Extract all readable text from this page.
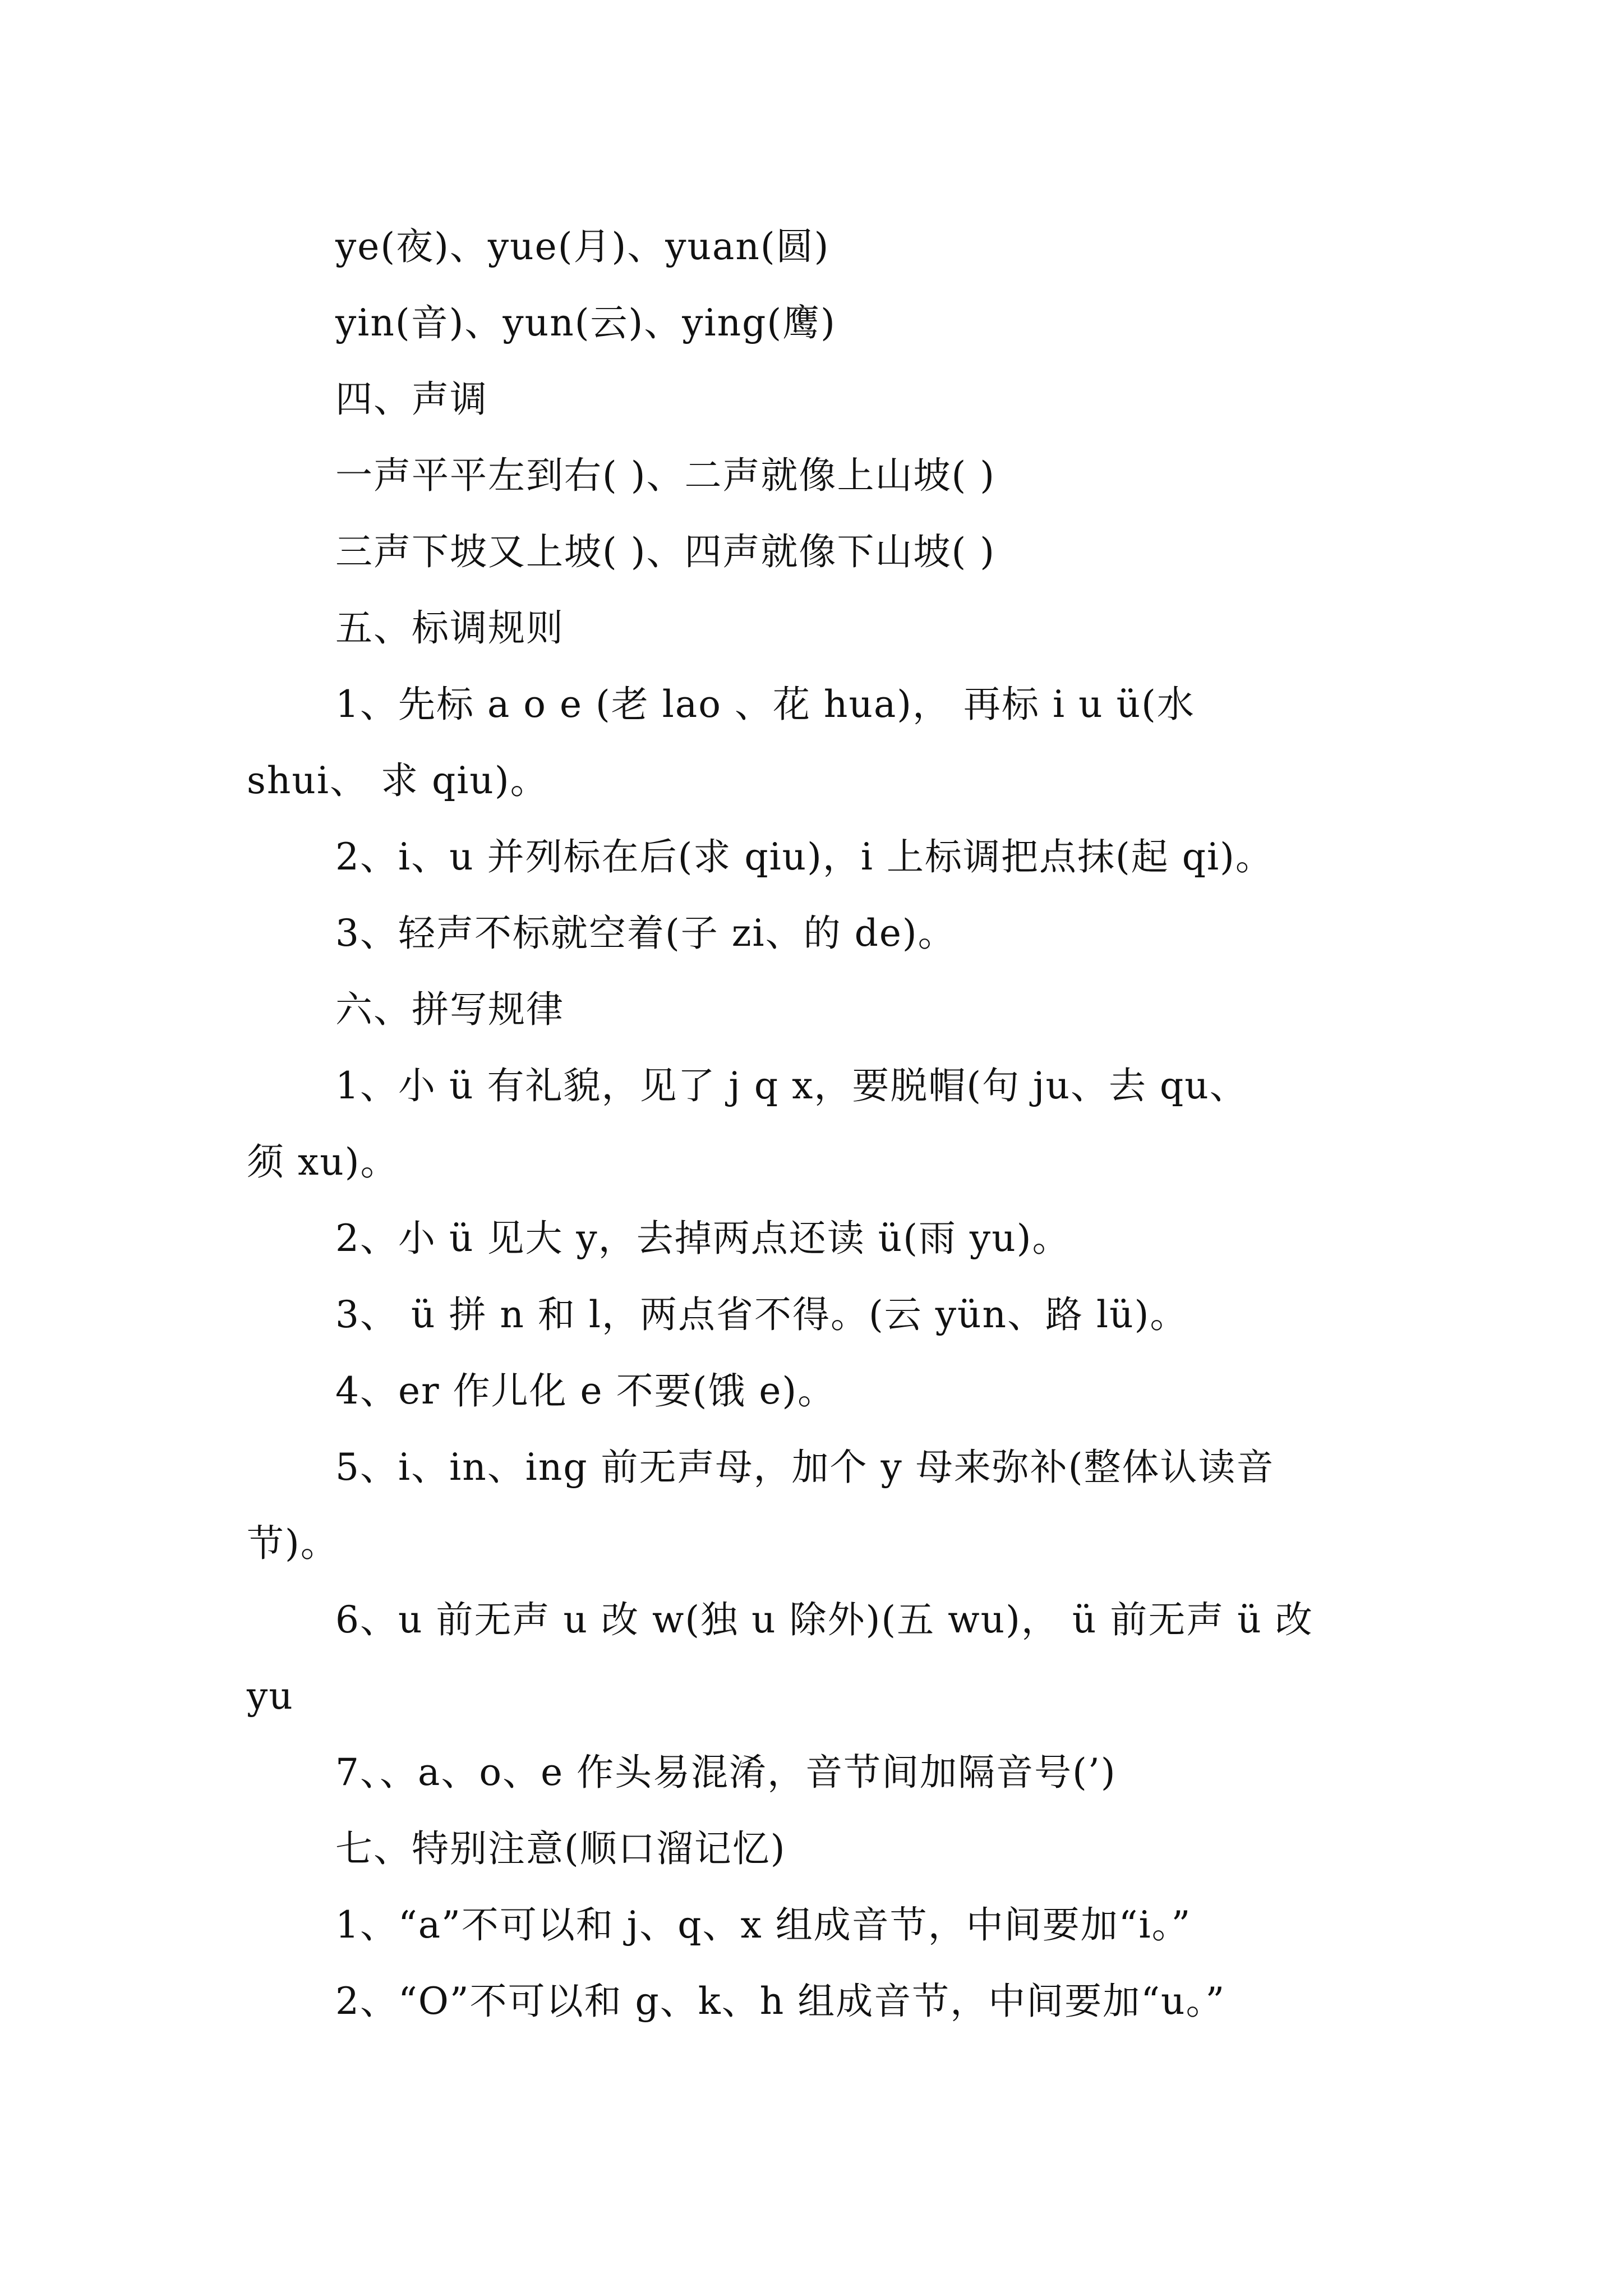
ye(夜)、yue(月)、yuan(圆)
yin(音)、yun(云)、ying(鹰)
四、声调
一声平平左到右( )、二声就像上山坡( )
三声下坡又上坡( )、四声就像下山坡( )
五、标调规则
1、先标 a o e (老 lao 、花 hua)， 再标 i u ü(水
shui、 求 qiu)。
2、i、u 并列标在后(求 qiu)，i 上标调把点抹(起 qi)。
3、轻声不标就空着(子 zi、的 de)。
六、拼写规律
1、小 ü 有礼貌，见了 j q x，要脱帽(句 ju、去 qu、
须 xu)。
2、小 ü 见大 y，去掉两点还读 ü(雨 yu)。
3、 ü 拼 n 和 l，两点省不得。(云 yün、路 lü)。
4、er 作儿化 e 不要(饿 e)。
5、i、in、ing 前无声母，加个 y 母来弥补(整体认读音
节)。
6、u 前无声 u 改 w(独 u 除外)(五 wu)， ü 前无声 ü 改
yu
7、、a、o、e 作头易混淆，音节间加隔音号(’)
七、特别注意(顺口溜记忆)
1、“a”不可以和 j、q、x 组成音节，中间要加“i。”
2、“O”不可以和 g、k、h 组成音节，中间要加“u。”
